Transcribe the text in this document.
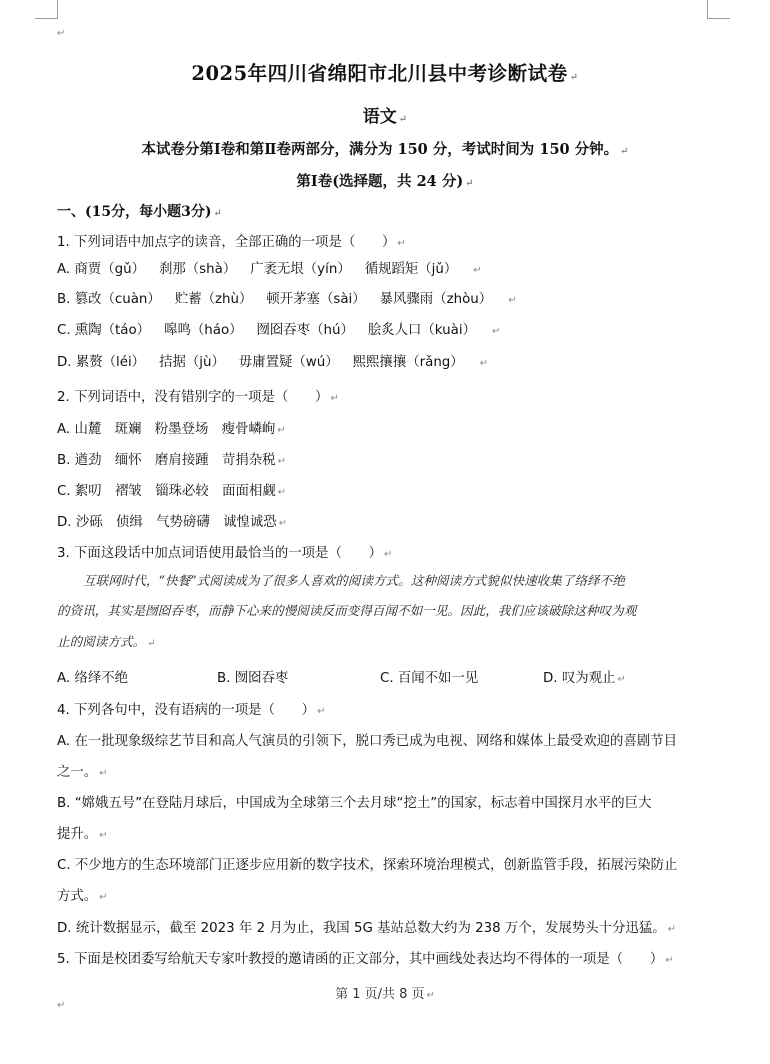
↵
2025年四川省绵阳市北川县中考诊断试卷 ↵
语文 ↵
本试卷分第Ⅰ卷和第Ⅱ卷两部分，满分为 150 分，考试时间为 150 分钟。 ↵
第Ⅰ卷(选择题，共 24 分) ↵
一、(15分，每小题3分) ↵
1. 下列词语中加点字的读音，全部正确的一项是（　　） ↵
A. 商贾（gǔ） 刹那（shà） 广袤无垠（yín） 循规蹈矩（jǔ） ↵
B. 篡改（cuàn） 贮蓄（zhù） 顿开茅塞（sài） 暴风骤雨（zhòu） ↵
C. 熏陶（táo） 嗥鸣（háo） 囫囵吞枣（hú） 脍炙人口（kuài） ↵
D. 累赘（léi） 拮据（jù） 毋庸置疑（wú） 熙熙攘攘（rǎng） ↵
2. 下列词语中，没有错别字的一项是（　　） ↵
A. 山麓　斑斓　粉墨登场　瘦骨嶙峋 ↵
B. 遒劲　缅怀　磨肩接踵　苛捐杂税 ↵
C. 絮叨　褶皱　锱珠必较　面面相觑 ↵
D. 沙砾　侦缉　气势磅礴　诚惶诚恐 ↵
3. 下面这段话中加点词语使用最恰当的一项是（　　） ↵
互联网时代，“快餐”式阅读成为了很多人喜欢的阅读方式。这种阅读方式貌似快速收集了络绎不绝
的资讯，其实是囫囵吞枣，而静下心来的慢阅读反而变得百闻不如一见。因此，我们应该破除这种叹为观
止的阅读方式。 ↵
A. 络绎不绝	B. 囫囵吞枣	C. 百闻不如一见	D. 叹为观止 ↵
4. 下列各句中，没有语病的一项是（　　） ↵
A. 在一批现象级综艺节目和高人气演员的引领下，脱口秀已成为电视、网络和媒体上最受欢迎的喜剧节目
之一。 ↵
B. “嫦娥五号”在登陆月球后，中国成为全球第三个去月球“挖土”的国家，标志着中国探月水平的巨大
提升。 ↵
C. 不少地方的生态环境部门正逐步应用新的数字技术，探索环境治理模式，创新监管手段，拓展污染防止
方式。 ↵
D. 统计数据显示，截至 2023 年 2 月为止，我国 5G 基站总数大约为 238 万个，发展势头十分迅猛。 ↵
5. 下面是校团委写给航天专家叶教授的邀请函的正文部分，其中画线处表达均不得体的一项是（　　） ↵
第 1 页/共 8 页 ↵
↵
